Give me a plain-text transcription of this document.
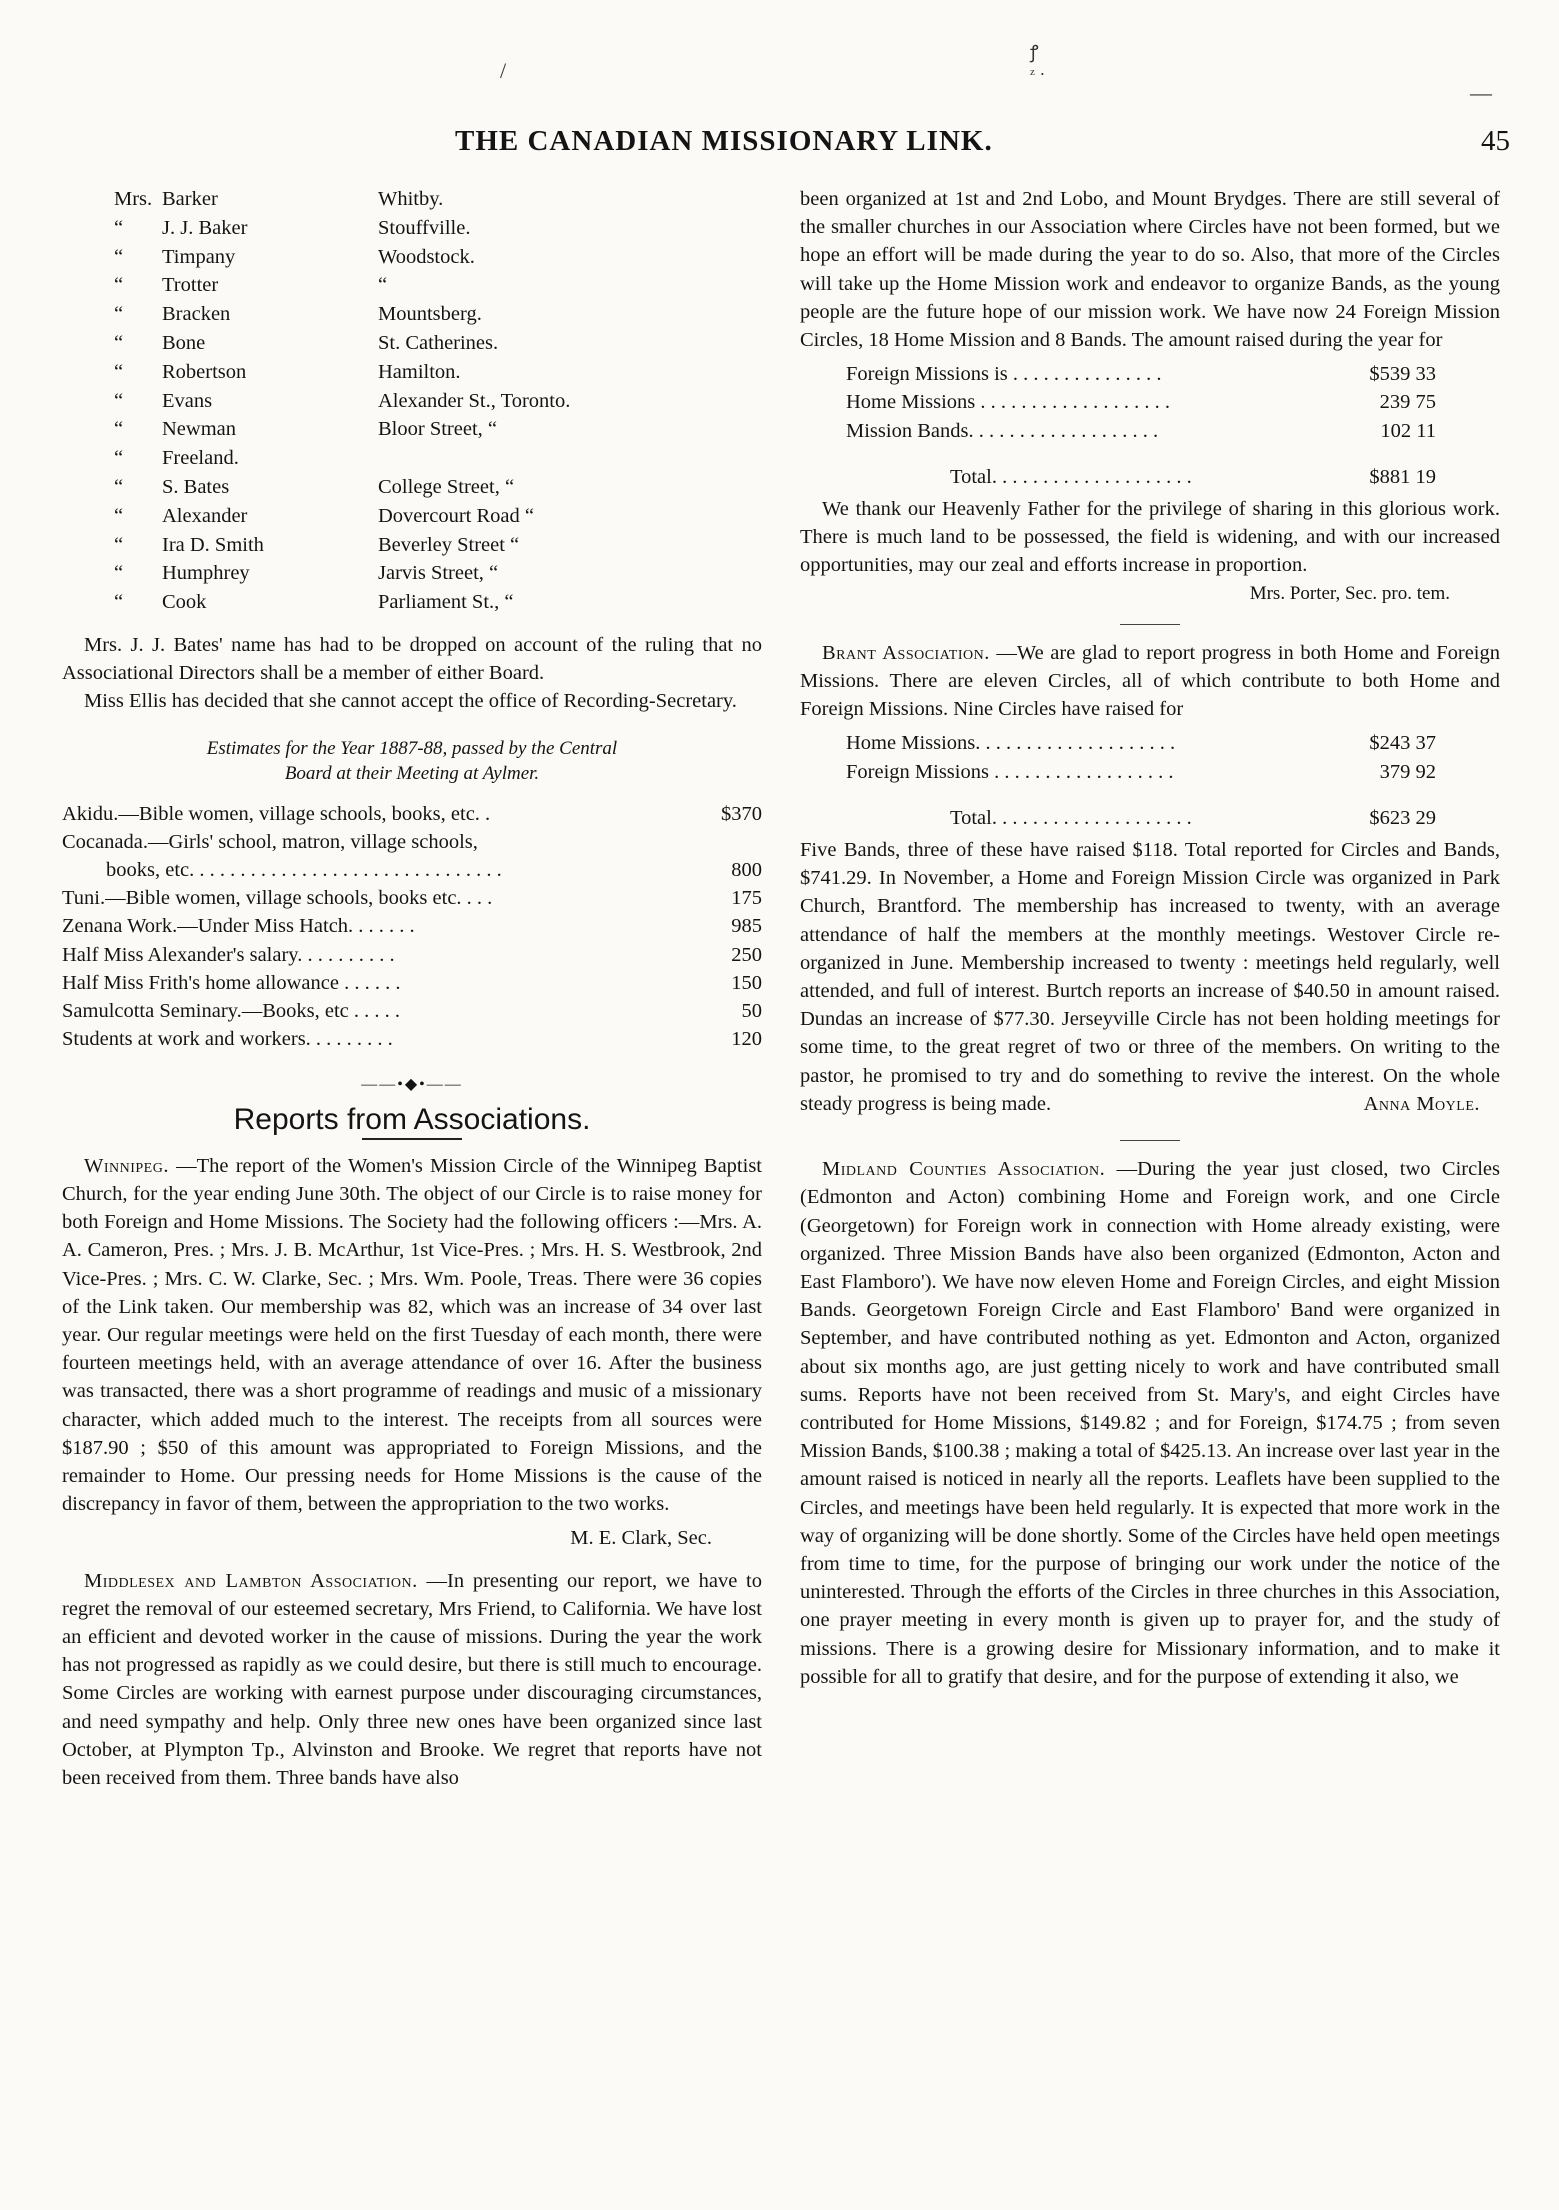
/
ꝭ
ᶻ ·
—
THE CANADIAN MISSIONARY LINK.	45
Mrs. Barker	Whitby.
“	J. J. Baker	Stouffville.
“	Timpany	Woodstock.
“	Trotter	“
“	Bracken	Mountsberg.
“	Bone	St. Catherines.
“	Robertson	Hamilton.
“	Evans	Alexander St., Toronto.
“	Newman	Bloor Street, “
“	Freeland.
“	S. Bates	College Street, “
“	Alexander	Dovercourt Road “
“	Ira D. Smith	Beverley Street “
“	Humphrey	Jarvis Street, “
“	Cook	Parliament St., “

Mrs. J. J. Bates' name has had to be dropped on account of the ruling that no Associational Directors shall be a member of either Board.

Miss Ellis has decided that she cannot accept the office of Recording-Secretary.

Estimates for the Year 1887-88, passed by the Central
Board at their Meeting at Aylmer.
Akidu.—Bible women, village schools, books, etc. .	$370
Cocanada.—Girls' school, matron, village schools,
books, etc. . . . . . . . . . . . . . . . . . . . . . . . . . . . . . .	800
Tuni.—Bible women, village schools, books etc. . . .	175
Zenana Work.—Under Miss Hatch. . . . . . .	985
Half Miss Alexander's salary. . . . . . . . . .	250
Half Miss Frith's home allowance . . . . . .	150
Samulcotta Seminary.—Books, etc . . . . .	50
Students at work and workers. . . . . . . . .	120
——•◆•——
Reports from Associations.

Winnipeg. —The report of the Women's Mission Circle of the Winnipeg Baptist Church, for the year ending June 30th. The object of our Circle is to raise money for both Foreign and Home Missions. The Society had the following officers :—Mrs. A. A. Cameron, Pres. ; Mrs. J. B. McArthur, 1st Vice-Pres. ; Mrs. H. S. Westbrook, 2nd Vice-Pres. ; Mrs. C. W. Clarke, Sec. ; Mrs. Wm. Poole, Treas. There were 36 copies of the Link taken. Our membership was 82, which was an increase of 34 over last year. Our regular meetings were held on the first Tuesday of each month, there were fourteen meetings held, with an average attendance of over 16. After the business was transacted, there was a short programme of readings and music of a missionary character, which added much to the interest. The receipts from all sources were $187.90 ; $50 of this amount was appropriated to Foreign Missions, and the remainder to Home. Our pressing needs for Home Missions is the cause of the discrepancy in favor of them, between the appropriation to the two works.

M. E. Clark, Sec.

Middlesex and Lambton Association. —In presenting our report, we have to regret the removal of our esteemed secretary, Mrs Friend, to California. We have lost an efficient and devoted worker in the cause of missions. During the year the work has not progressed as rapidly as we could desire, but there is still much to encourage. Some Circles are working with earnest purpose under discouraging circumstances, and need sympathy and help. Only three new ones have been organized since last October, at Plympton Tp., Alvinston and Brooke. We regret that reports have not been received from them. Three bands have also

been organized at 1st and 2nd Lobo, and Mount Brydges. There are still several of the smaller churches in our Association where Circles have not been formed, but we hope an effort will be made during the year to do so. Also, that more of the Circles will take up the Home Mission work and endeavor to organize Bands, as the young people are the future hope of our mission work. We have now 24 Foreign Mission Circles, 18 Home Mission and 8 Bands. The amount raised during the year for

Foreign Missions is . . . . . . . . . . . . . . .	$539 33
Home Missions . . . . . . . . . . . . . . . . . . .	239 75
Mission Bands. . . . . . . . . . . . . . . . . . .	102 11
Total. . . . . . . . . . . . . . . . . . . .	$881 19

We thank our Heavenly Father for the privilege of sharing in this glorious work. There is much land to be possessed, the field is widening, and with our increased opportunities, may our zeal and efforts increase in proportion.

Mrs. Porter, Sec. pro. tem.

Brant Association. —We are glad to report progress in both Home and Foreign Missions. There are eleven Circles, all of which contribute to both Home and Foreign Missions. Nine Circles have raised for

Home Missions. . . . . . . . . . . . . . . . . . . .	$243 37
Foreign Missions . . . . . . . . . . . . . . . . . .	379 92
Total. . . . . . . . . . . . . . . . . . . .	$623 29

Five Bands, three of these have raised $118. Total reported for Circles and Bands, $741.29. In November, a Home and Foreign Mission Circle was organized in Park Church, Brantford. The membership has increased to twenty, with an average attendance of half the members at the monthly meetings. Westover Circle re-organized in June. Membership increased to twenty : meetings held regularly, well attended, and full of interest. Burtch reports an increase of $40.50 in amount raised. Dundas an increase of $77.30. Jerseyville Circle has not been holding meetings for some time, to the great regret of two or three of the members. On writing to the pastor, he promised to try and do something to revive the interest. On the whole steady progress is being made.	Anna Moyle.

Midland Counties Association. —During the year just closed, two Circles (Edmonton and Acton) combining Home and Foreign work, and one Circle (Georgetown) for Foreign work in connection with Home already existing, were organized. Three Mission Bands have also been organized (Edmonton, Acton and East Flamboro'). We have now eleven Home and Foreign Circles, and eight Mission Bands. Georgetown Foreign Circle and East Flamboro' Band were organized in September, and have contributed nothing as yet. Edmonton and Acton, organized about six months ago, are just getting nicely to work and have contributed small sums. Reports have not been received from St. Mary's, and eight Circles have contributed for Home Missions, $149.82 ; and for Foreign, $174.75 ; from seven Mission Bands, $100.38 ; making a total of $425.13. An increase over last year in the amount raised is noticed in nearly all the reports. Leaflets have been supplied to the Circles, and meetings have been held regularly. It is expected that more work in the way of organizing will be done shortly. Some of the Circles have held open meetings from time to time, for the purpose of bringing our work under the notice of the uninterested. Through the efforts of the Circles in three churches in this Association, one prayer meeting in every month is given up to prayer for, and the study of missions. There is a growing desire for Missionary information, and to make it possible for all to gratify that desire, and for the purpose of extending it also, we
